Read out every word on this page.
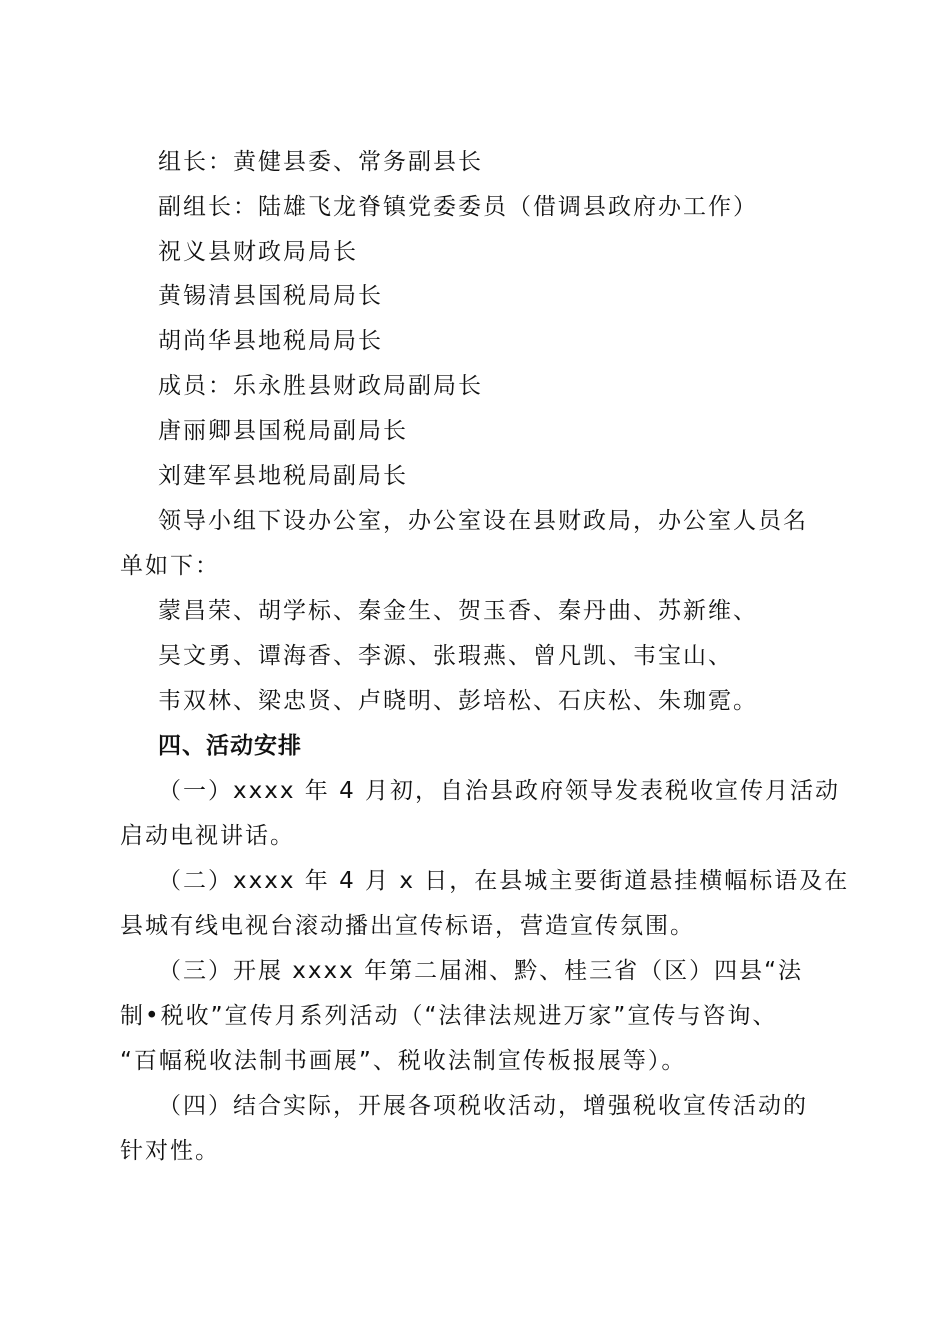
组长：黄健县委、常务副县长
副组长：陆雄飞龙脊镇党委委员（借调县政府办工作）
祝义县财政局局长
黄锡清县国税局局长
胡尚华县地税局局长
成员：乐永胜县财政局副局长
唐丽卿县国税局副局长
刘建军县地税局副局长
领导小组下设办公室，办公室设在县财政局，办公室人员名
单如下：
蒙昌荣、胡学标、秦金生、贺玉香、秦丹曲、苏新维、
吴文勇、谭海香、李源、张瑕燕、曾凡凯、韦宝山、
韦双林、梁忠贤、卢晓明、彭培松、石庆松、朱珈霓。
四、活动安排
（一）xxxx 年 4 月初，自治县政府领导发表税收宣传月活动
启动电视讲话。
（二）xxxx 年 4 月 x 日，在县城主要街道悬挂横幅标语及在
县城有线电视台滚动播出宣传标语，营造宣传氛围。
（三）开展 xxxx 年第二届湘、黔、桂三省（区）四县“法
制•税收”宣传月系列活动（“法律法规进万家”宣传与咨询、
“百幅税收法制书画展”、税收法制宣传板报展等）。
（四）结合实际，开展各项税收活动，增强税收宣传活动的
针对性。
